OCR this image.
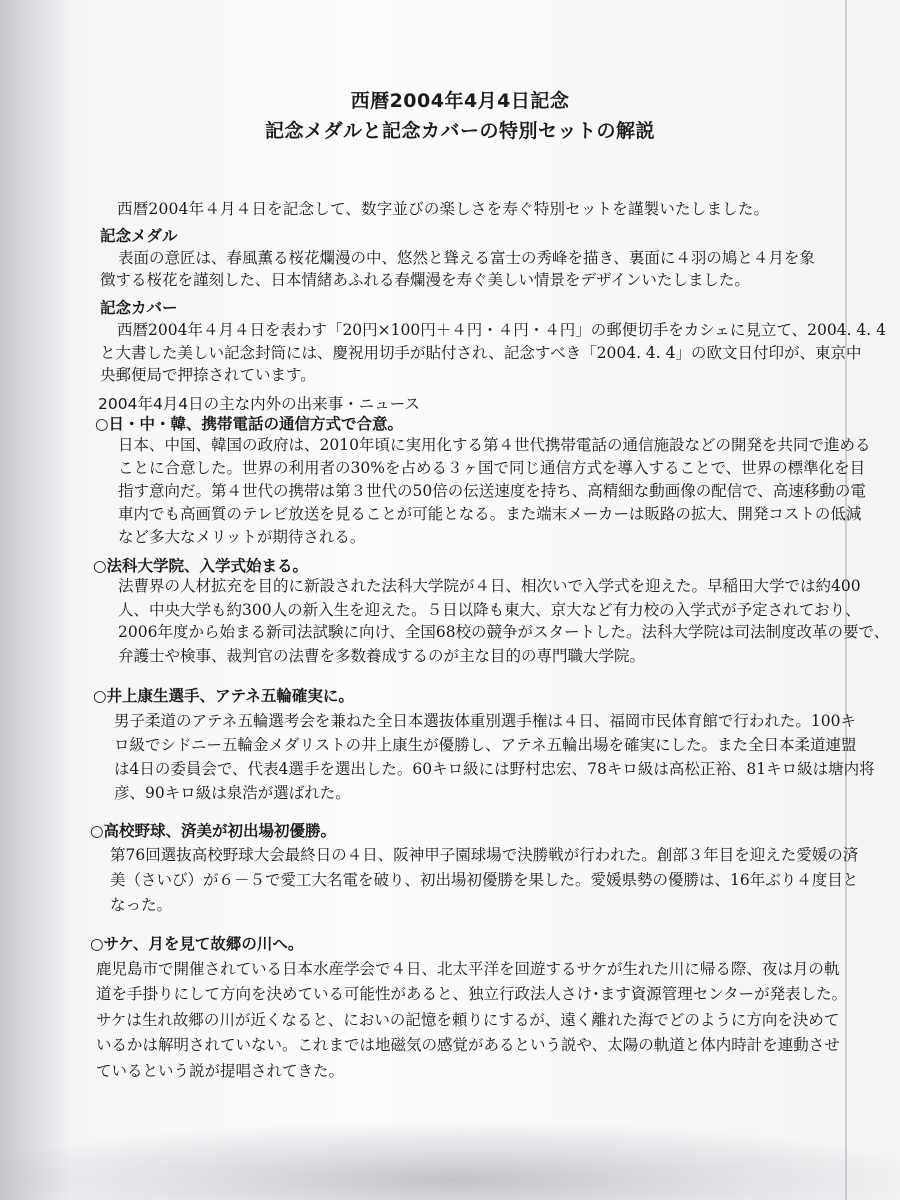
西暦2004年4月4日記念
記念メダルと記念カバーの特別セットの解説
西暦2004年４月４日を記念して、数字並びの楽しさを寿ぐ特別セットを謹製いたしました。
記念メダル
表面の意匠は、春風薫る桜花爛漫の中、悠然と聳える富士の秀峰を描き、裏面に４羽の鳩と４月を象
徴する桜花を謹刻した、日本情緒あふれる春爛漫を寿ぐ美しい情景をデザインいたしました。
記念カバー
西暦2004年４月４日を表わす「20円×100円＋４円・４円・４円」の郵便切手をカシェに見立て、2004. 4. 4
と大書した美しい記念封筒には、慶祝用切手が貼付され、記念すべき「2004. 4. 4」の欧文日付印が、東京中
央郵便局で押捺されています。
2004年4月4日の主な内外の出来事・ニュース
○日・中・韓、携帯電話の通信方式で合意。
日本、中国、韓国の政府は、2010年頃に実用化する第４世代携帯電話の通信施設などの開発を共同で進める
ことに合意した。世界の利用者の30%を占める３ヶ国で同じ通信方式を導入することで、世界の標準化を目
指す意向だ。第４世代の携帯は第３世代の50倍の伝送速度を持ち、高精細な動画像の配信で、高速移動の電
車内でも高画質のテレビ放送を見ることが可能となる。また端末メーカーは販路の拡大、開発コストの低減
など多大なメリットが期待される。
○法科大学院、入学式始まる。
法曹界の人材拡充を目的に新設された法科大学院が４日、相次いで入学式を迎えた。早稲田大学では約400
人、中央大学も約300人の新入生を迎えた。５日以降も東大、京大など有力校の入学式が予定されており、
2006年度から始まる新司法試験に向け、全国68校の競争がスタートした。法科大学院は司法制度改革の要で、
弁護士や検事、裁判官の法曹を多数養成するのが主な目的の専門職大学院。
○井上康生選手、アテネ五輪確実に。
男子柔道のアテネ五輪選考会を兼ねた全日本選抜体重別選手権は４日、福岡市民体育館で行われた。100キ
ロ級でシドニー五輪金メダリストの井上康生が優勝し、アテネ五輪出場を確実にした。また全日本柔道連盟
は4日の委員会で、代表4選手を選出した。60キロ級には野村忠宏、78キロ級は高松正裕、81キロ級は塘内将
彦、90キロ級は泉浩が選ばれた。
○高校野球、済美が初出場初優勝。
第76回選抜高校野球大会最終日の４日、阪神甲子園球場で決勝戦が行われた。創部３年目を迎えた愛媛の済
美（さいび）が６－５で愛工大名電を破り、初出場初優勝を果した。愛媛県勢の優勝は、16年ぶり４度目と
なった。
○サケ、月を見て故郷の川へ。
鹿児島市で開催されている日本水産学会で４日、北太平洋を回遊するサケが生れた川に帰る際、夜は月の軌
道を手掛りにして方向を決めている可能性があると、独立行政法人さけ･ます資源管理センターが発表した。
サケは生れ故郷の川が近くなると、においの記憶を頼りにするが、遠く離れた海でどのように方向を決めて
いるかは解明されていない。これまでは地磁気の感覚があるという説や、太陽の軌道と体内時計を連動させ
ているという説が提唱されてきた。
